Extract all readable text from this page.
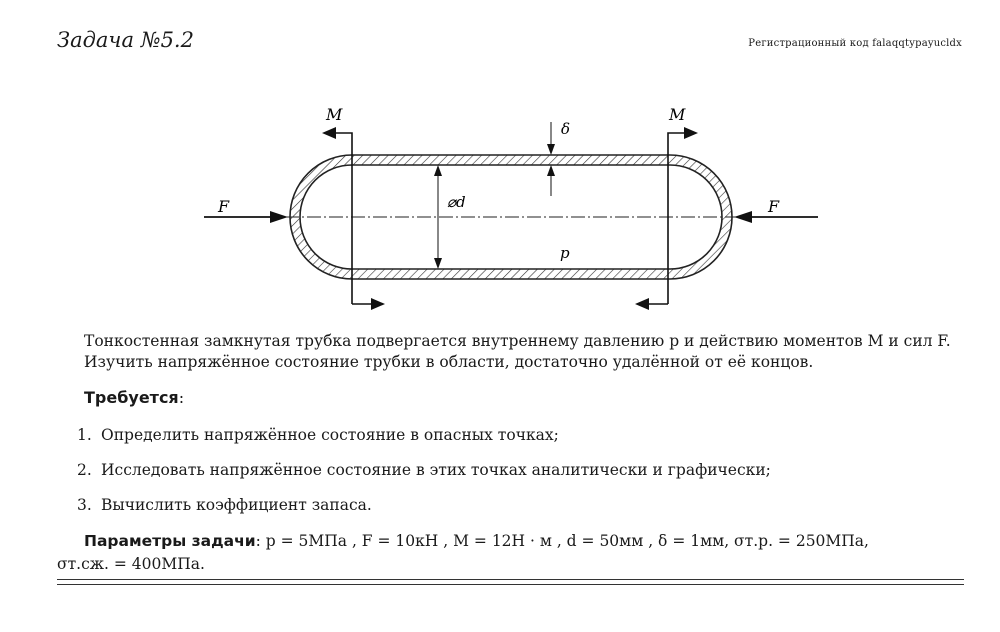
Задача №5.2	Регистрационный код falaqqtypayucldx
M	M
δ
⌀d
F	F
p
Тонкостенная замкнутая трубка подвергается внутреннему давлению p и действию моментов M и сил F.
Изучить напряжённое состояние трубки в области, достаточно удалённой от её концов.
Требуется:
1. Определить напряжённое состояние в опасных точках;
2. Исследовать напряжённое состояние в этих точках аналитически и графически;
3. Вычислить коэффициент запаса.
Параметры задачи: p = 5МПа , F = 10кН , M = 12Н · м , d = 50мм , δ = 1мм, σт.р. = 250МПа,
σт.сж. = 400МПа.
